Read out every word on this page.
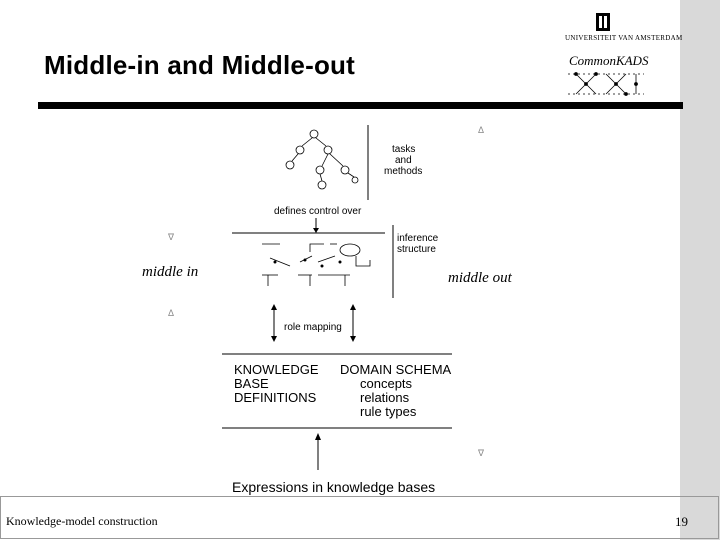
UNIVERSITEIT VAN AMSTERDAM
CommonKADS
Middle-in and Middle-out
tasks
and
methods
defines control over
inference
structure
middle in	middle out
∇
Δ
Δ
∇
role mapping
KNOWLEDGE
BASE
DEFINITIONS
DOMAIN SCHEMA
concepts
relations
rule types
Expressions in knowledge bases
Knowledge-model construction	19
